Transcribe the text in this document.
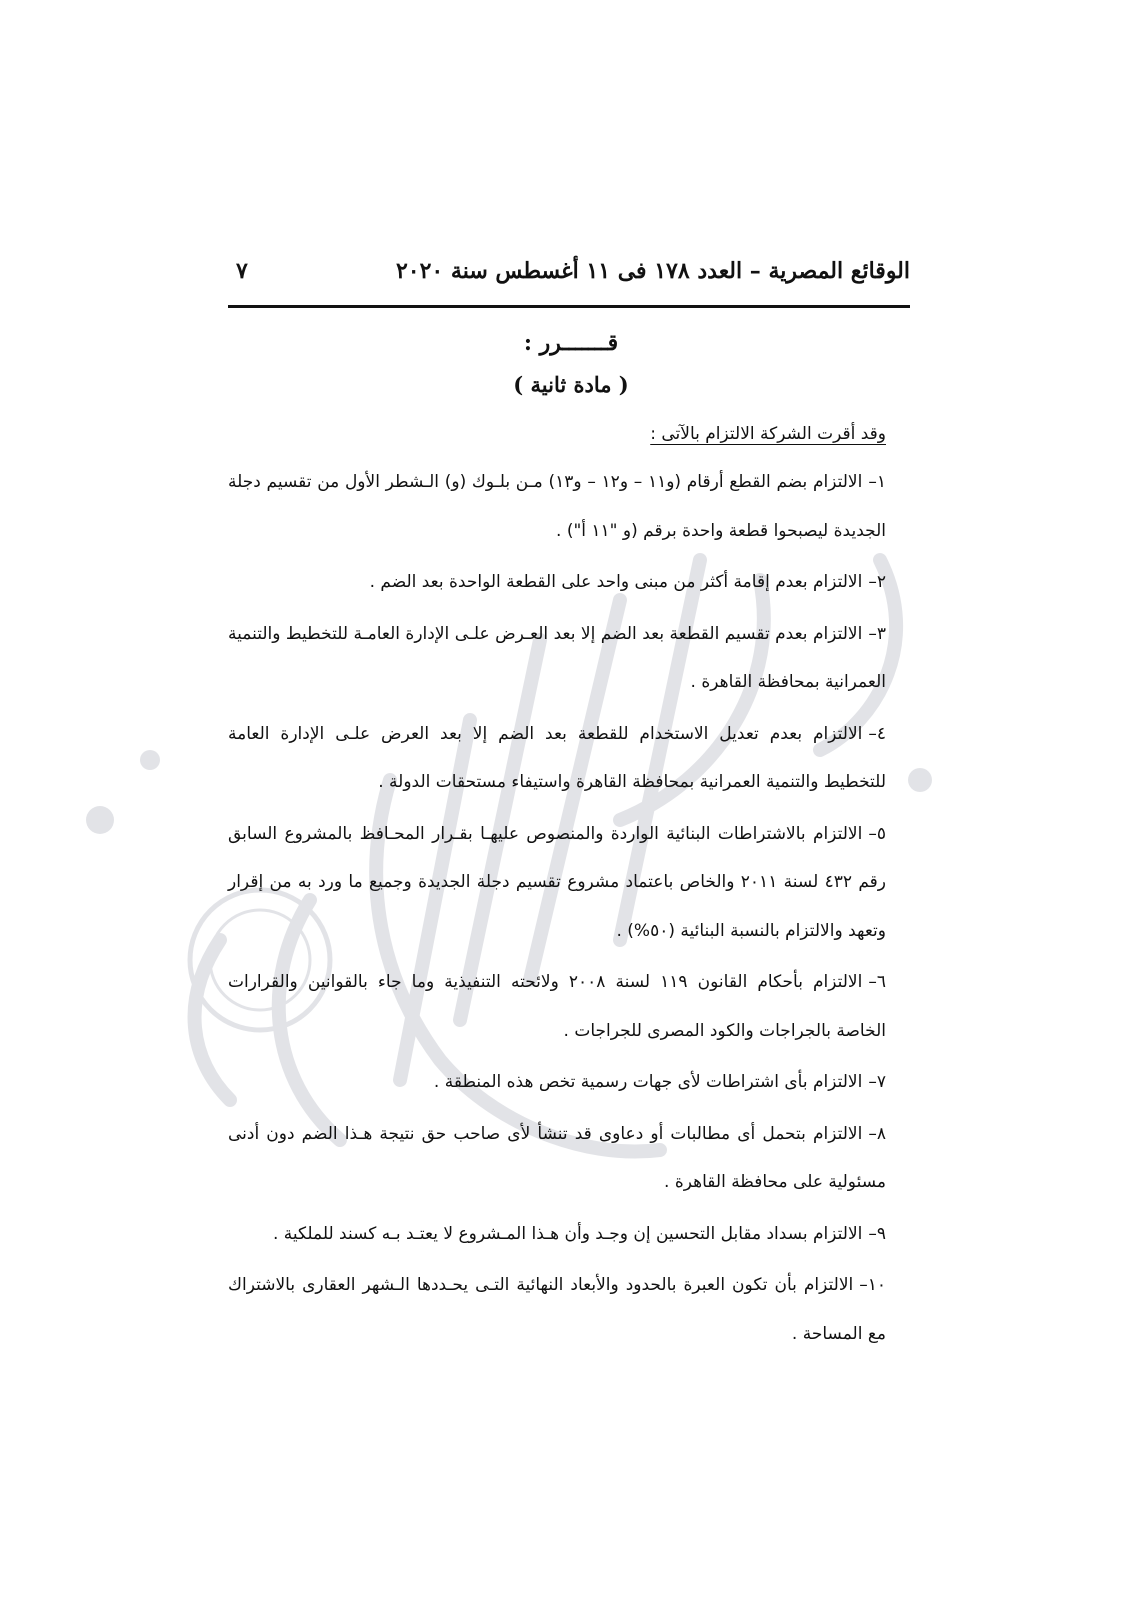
الوقائع المصرية – العدد ١٧٨ فى ١١ أغسطس سنة ٢٠٢٠
٧
قـــــــرر :
( مادة ثانية )
وقد أقرت الشركة الالتزام بالآتى :

١–الالتزام بضم القطع أرقام (و١١ – و١٢ – و١٣) مـن بلـوك (و) الـشطر الأول من تقسيم دجلة الجديدة ليصبحوا قطعة واحدة برقم (و "١١ أ") .

٢–الالتزام بعدم إقامة أكثر من مبنى واحد على القطعة الواحدة بعد الضم .

٣–الالتزام بعدم تقسيم القطعة بعد الضم إلا بعد العـرض علـى الإدارة العامـة للتخطيط والتنمية العمرانية بمحافظة القاهرة .

٤–الالتزام بعدم تعديل الاستخدام للقطعة بعد الضم إلا بعد العرض علـى الإدارة العامة للتخطيط والتنمية العمرانية بمحافظة القاهرة واستيفاء مستحقات الدولة .

٥–الالتزام بالاشتراطات البنائية الواردة والمنصوص عليهـا بقـرار المحـافظ بالمشروع السابق رقم ٤٣٢ لسنة ٢٠١١ والخاص باعتماد مشروع تقسيم دجلة الجديدة وجميع ما ورد به من إقرار وتعهد والالتزام بالنسبة البنائية (٥٠%) .

٦–الالتزام بأحكام القانون ١١٩ لسنة ٢٠٠٨ ولائحته التنفيذية وما جاء بالقوانين والقرارات الخاصة بالجراجات والكود المصرى للجراجات .

٧–الالتزام بأى اشتراطات لأى جهات رسمية تخص هذه المنطقة .

٨–الالتزام بتحمل أى مطالبات أو دعاوى قد تنشأ لأى صاحب حق نتيجة هـذا الضم دون أدنى مسئولية على محافظة القاهرة .

٩–الالتزام بسداد مقابل التحسين إن وجـد وأن هـذا المـشروع لا يعتـد بـه كسند للملكية .

١٠–الالتزام بأن تكون العبرة بالحدود والأبعاد النهائية التـى يحـددها الـشهر العقارى بالاشتراك مع المساحة .
